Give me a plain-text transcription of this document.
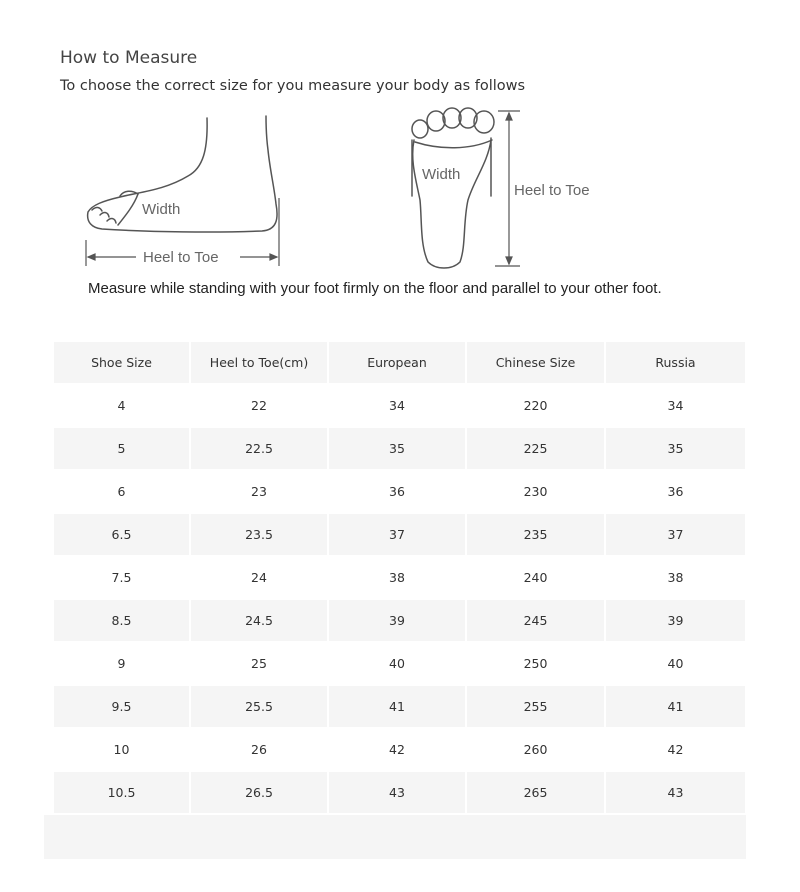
How to Measure
To choose the correct size for you measure your body as follows
Width
Heel to Toe
Width
Heel to Toe
Measure while standing with your foot firmly on the floor and parallel to your other foot.
Shoe Size	Heel to Toe(cm)	European	Chinese Size	Russia
4	22	34	220	34
5	22.5	35	225	35
6	23	36	230	36
6.5	23.5	37	235	37
7.5	24	38	240	38
8.5	24.5	39	245	39
9	25	40	250	40
9.5	25.5	41	255	41
10	26	42	260	42
10.5	26.5	43	265	43
